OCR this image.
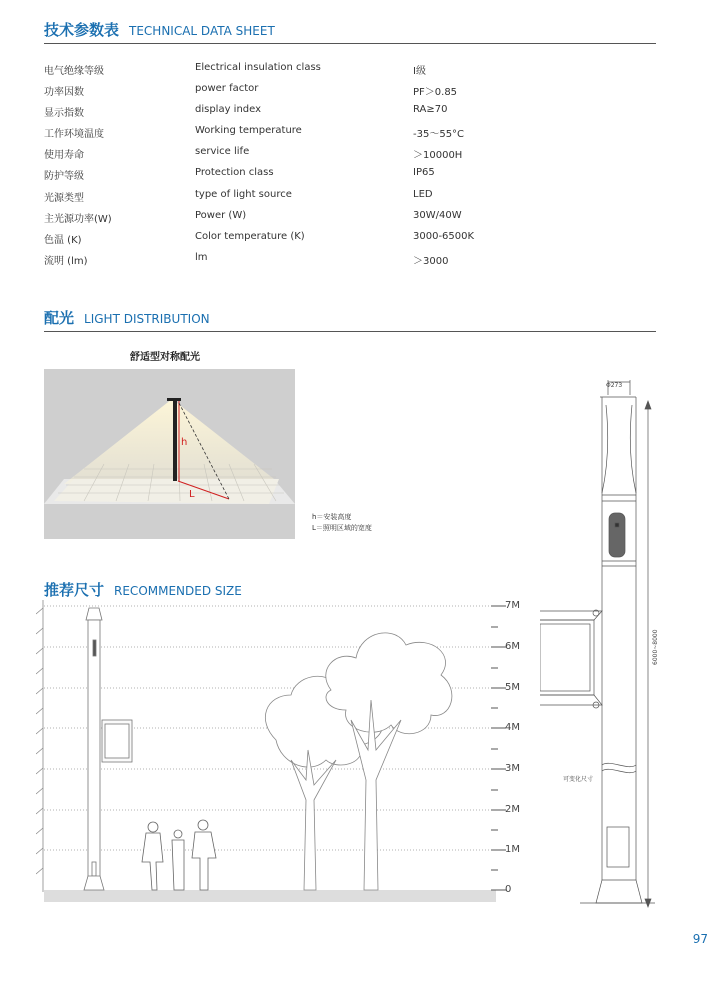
技术参数表 TECHNICAL DATA SHEET
电气绝缘等级	Electrical insulation class	I级
功率因数	power factor	PF＞0.85
显示指数	display index	RA≥70
工作环境温度	Working temperature	-35～55°C
使用寿命	service life	＞10000H
防护等级	Protection class	IP65
光源类型	type of light source	LED
主光源功率(W)	Power (W)	30W/40W
色温 (K)	Color temperature (K)	3000-6500K
流明 (lm)	lm	＞3000
配光 LIGHT DISTRIBUTION
舒适型对称配光
h
L
h＝安装高度
L＝照明区域的宽度
推荐尺寸 RECOMMENDED SIZE
7M
6M
5M
4M
3M
2M
1M
0
Φ273
可变化尺寸
6000~8000
97
